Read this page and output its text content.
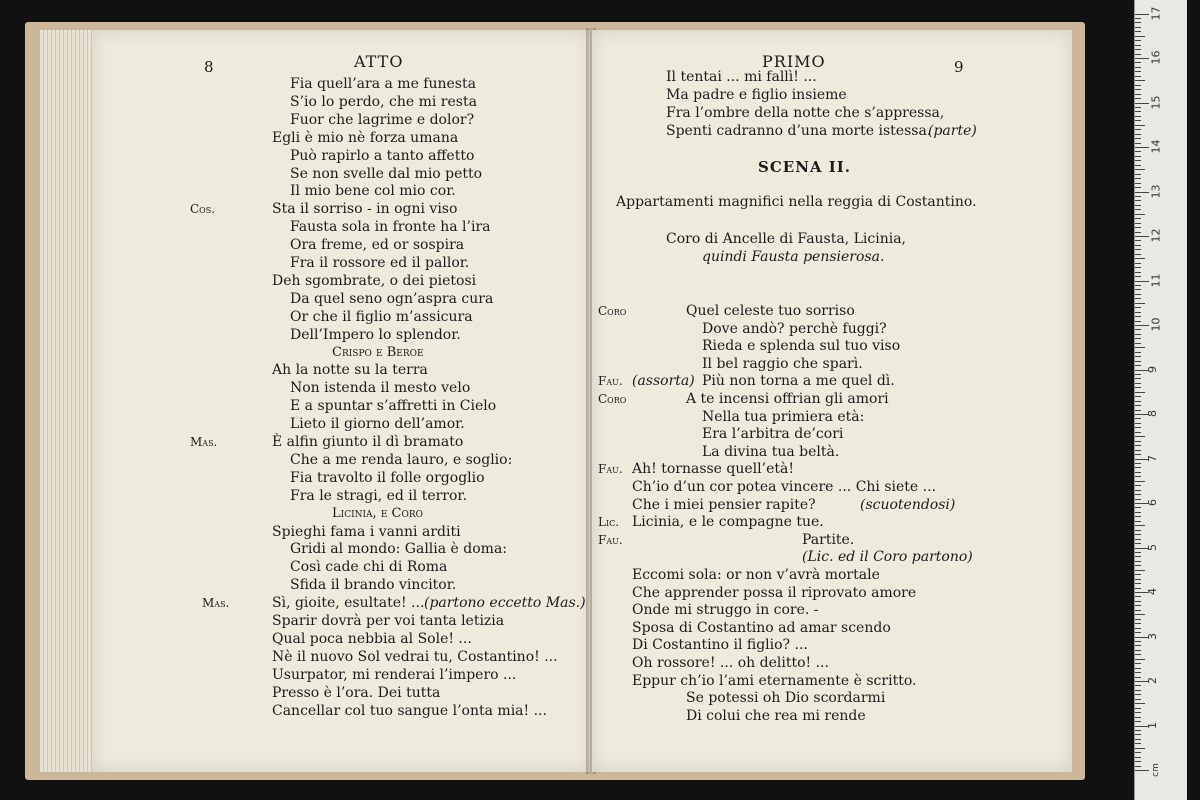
8	ATTO
Fia quell’ara a me funesta
S’io lo perdo, che mi resta
Fuor che lagrime e dolor?
Egli è mio nè forza umana
Può rapirlo a tanto affetto
Se non svelle dal mio petto
Il mio bene col mio cor.
Cos.	Sta il sorriso - in ogni viso
Fausta sola in fronte ha l’ira
Ora freme, ed or sospira
Fra il rossore ed il pallor.
Deh sgombrate, o dei pietosi
Da quel seno ogn’aspra cura
Or che il figlio m’assicura
Dell’Impero lo splendor.
Crispo e Beroe
Ah la notte su la terra
Non istenda il mesto velo
E a spuntar s’affretti in Cielo
Lieto il giorno dell’amor.
Mas.	È alfin giunto il dì bramato
Che a me renda lauro, e soglio:
Fia travolto il folle orgoglio
Fra le stragi, ed il terror.
Licinia, e Coro
Spieghi fama i vanni arditi
Gridi al mondo: Gallia è doma:
Così cade chi di Roma
Sfida il brando vincitor.
Mas.	Sì, gioite, esultate! ... (partono eccetto Mas.)
Sparir dovrà per voi tanta letizia
Qual poca nebbia al Sole! ...
Nè il nuovo Sol vedrai tu, Costantino! ...
Usurpator, mi renderai l’impero ...
Presso è l’ora. Dei tutta
Cancellar col tuo sangue l’onta mia! ...
PRIMO	9
Il tentai ... mi fallì! ...
Ma padre e figlio insieme
Fra l’ombre della notte che s’appressa,
Spenti cadranno d’una morte istessa.
(parte)
SCENA II.
Appartamenti magnifici nella reggia di Costantino.
Coro di Ancelle di Fausta, Licinia,
quindi Fausta pensierosa.
Coro	Quel celeste tuo sorriso
Dove andò? perchè fuggi?
Rieda e splenda sul tuo viso
Il bel raggio che sparì.
Fau. (assorta) Più non torna a me quel dì.
Coro	A te incensi offrian gli amori
Nella tua primiera età:
Era l’arbitra de’cori
La divina tua beltà.
Fau. Ah! tornasse quell’età!
Ch’io d’un cor potea vincere ... Chi siete ...
Che i miei pensier rapite?	(scuotendosi)
Lic. Licinia, e le compagne tue.
Fau.	Partite.
(Lic. ed il Coro partono)
Eccomi sola: or non v’avrà mortale
Che apprender possa il riprovato amore
Onde mi struggo in core. -
Sposa di Costantino ad amar scendo
Di Costantino il figlio? ...
Oh rossore! ... oh delitto! ...
Eppur ch’io l’ami eternamente è scritto.
Se potessi oh Dio scordarmi
Di colui che rea mi rende
1
2
3
4
5
6
7
8
9
10
11
12
13
14
15
16
17
cm
